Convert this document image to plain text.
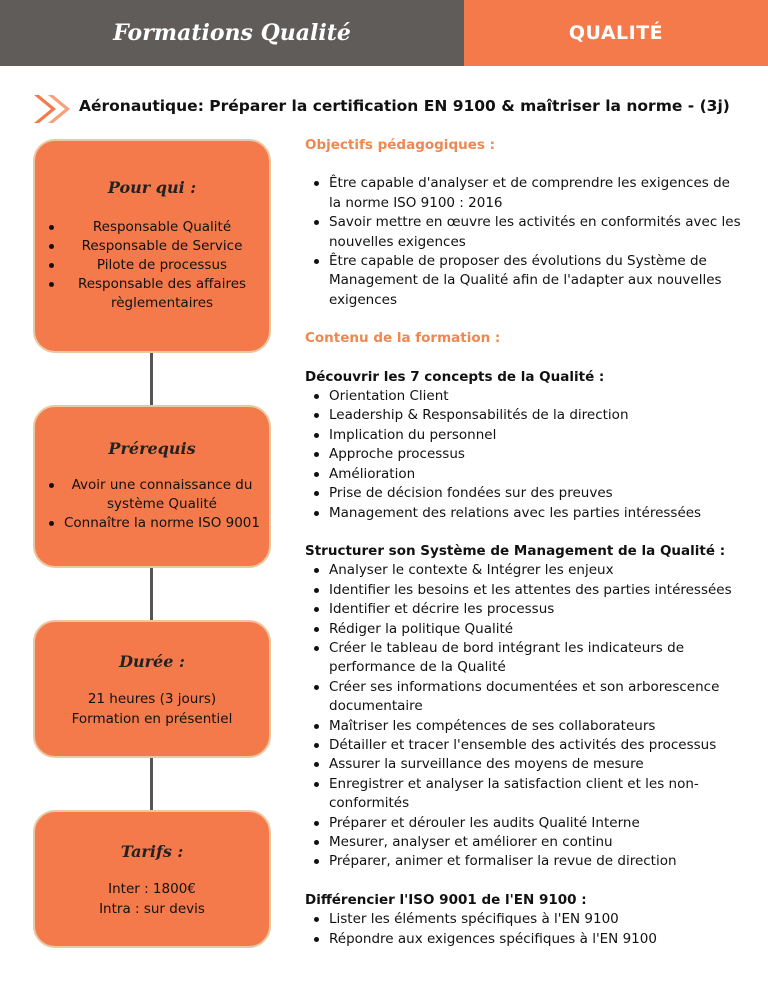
Formations Qualité	QUALITÉ
Aéronautique: Préparer la certification EN 9100 & maîtriser la norme - (3j)
Pour qui :
Responsable Qualité
Responsable de Service
Pilote de processus
Responsable des affaires règlementaires
Prérequis
Avoir une connaissance du système Qualité
Connaître la norme ISO 9001
Durée :

21 heures (3 jours)

Formation en présentiel

Tarifs :

Inter : 1800€

Intra : sur devis

Objectifs pédagogiques :
Être capable d'analyser et de comprendre les exigences de la norme ISO 9100 : 2016
Savoir mettre en œuvre les activités en conformités avec les nouvelles exigences
Être capable de proposer des évolutions du Système de Management de la Qualité afin de l'adapter aux nouvelles exigences
Contenu de la formation :
Découvrir les 7 concepts de la Qualité :
Orientation Client
Leadership & Responsabilités de la direction
Implication du personnel
Approche processus
Amélioration
Prise de décision fondées sur des preuves
Management des relations avec les parties intéressées
Structurer son Système de Management de la Qualité :
Analyser le contexte & Intégrer les enjeux
Identifier les besoins et les attentes des parties intéressées
Identifier et décrire les processus
Rédiger la politique Qualité
Créer le tableau de bord intégrant les indicateurs de performance de la Qualité
Créer ses informations documentées et son arborescence documentaire
Maîtriser les compétences de ses collaborateurs
Détailler et tracer l'ensemble des activités des processus
Assurer la surveillance des moyens de mesure
Enregistrer et analyser la satisfaction client et les non-conformités
Préparer et dérouler les audits Qualité Interne
Mesurer, analyser et améliorer en continu
Préparer, animer et formaliser la revue de direction
Différencier l'ISO 9001 de l'EN 9100 :
Lister les éléments spécifiques à l'EN 9100
Répondre aux exigences spécifiques à l'EN 9100
